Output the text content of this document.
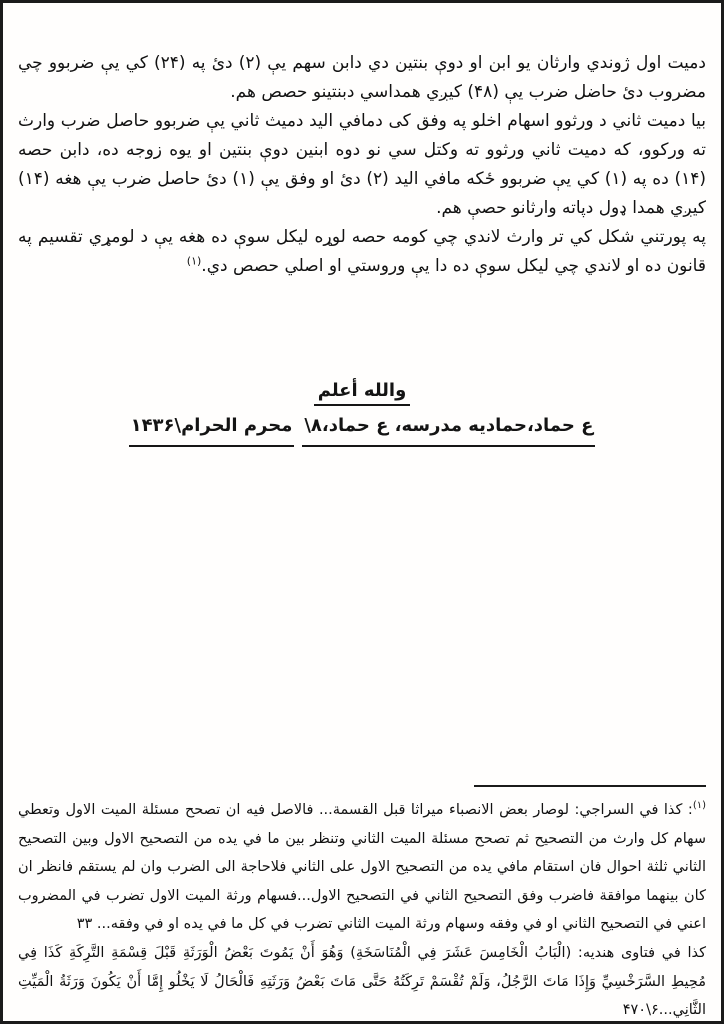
دميت اول ژوندي وارثان يو ابن او دوې بنتين دي دابن سهم يې (۲) دئ په (۲۴) کي يې ضربوو چي مضروب دئ حاضل ضرب يې (۴۸) کيږي همداسي دبنتينو حصص هم.

بيا دميت ثاني د ورثوو اسهام اخلو په وفق کی دمافي اليد دميث ثاني يې ضربوو حاصل ضرب وارث ته ورکوو، که دميت ثاني ورثوو ته وکتل سي نو دوه ابنين دوې بنتين او يوه زوجه ده، دابن حصه (۱۴) ده په (۱) کي يې ضربوو ځکه مافي اليد (۲) دئ او وفق يې (۱) دئ حاصل ضرب يې هغه (۱۴) کيږي همدا ډول دپاته وارثانو حصې هم.

په پورتني شکل کي تر وارث لاندي چي کومه حصه لوړه ليکل سوې ده هغه يې د لومړي تقسيم په قانون ده او لاندي چي ليکل سوې ده دا يې وروستي او اصلي حصص دي.$^{(۱)}$

والله أعلم
ع حماد،حماديه مدرسه، ع حماد،۸\محرم الحرام\۱۴۳۶

$^{(۱)}$: كذا في السراجي: لوصار بعض الانصباء ميراثا قبل القسمة... فالاصل فيه ان تصحح مسئلة الميت الاول وتعطي سهام كل وارث من التصحيح ثم تصحح مسئلة الميت الثاني وتنظر بين ما في يده من التصحيح الاول وبين التصحيح الثاني ثلثة احوال فان استقام مافي يده من التصحيح الاول على الثاني فلاحاجة الى الضرب وان لم يستقم فانظر ان كان بينهما موافقة فاضرب وفق التصحيح الثاني في التصحيح الاول...فسهام ورثة الميت الاول تضرب في المضروب اعني في التصحيح الثاني او في وفقه وسهام ورثة الميت الثاني تضرب في كل ما في يده او في وفقه... ۳۳

كذا في فتاوى هنديه: (الْبَابُ الْخَامِسَ عَشَرَ فِي الْمُنَاسَخَةِ) وَهُوَ أَنْ يَمُوتَ بَعْضُ الْوَرَثَةِ قَبْلَ قِسْمَةِ التَّرِكَةِ كَذَا فِي مُحِيطِ السَّرَخْسِيِّ وَإِذَا مَاتَ الرَّجُلُ، وَلَمْ تُقْسَمْ تَرِكَتُهُ حَتَّى مَاتَ بَعْضُ وَرَثَتِهِ فَالْحَالُ لَا يَخْلُو إِمَّا أَنْ يَكُونَ وَرَثَةُ الْمَيِّتِ الثَّانِي...۶\۴۷۰
